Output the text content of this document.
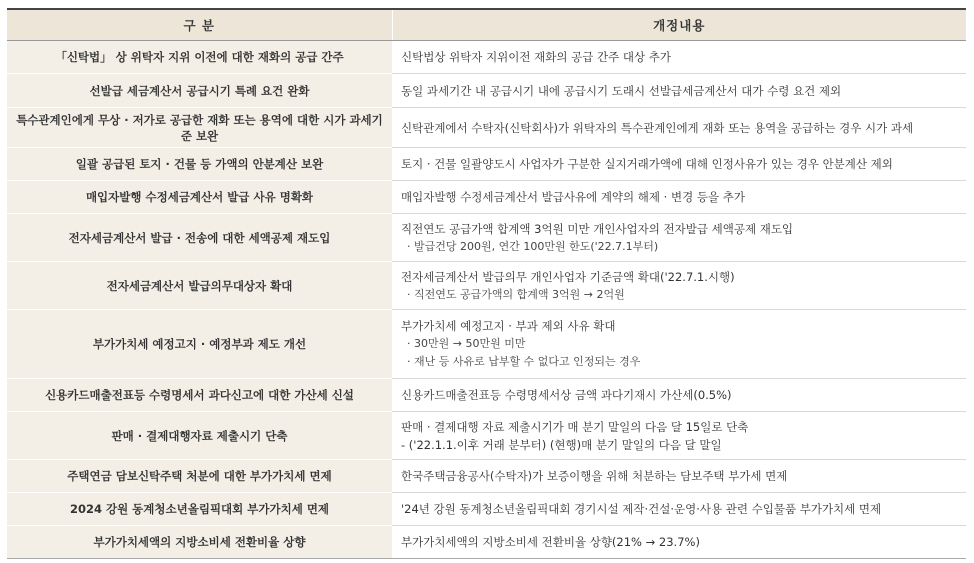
구 분	개정내용
「신탁법」 상 위탁자 지위 이전에 대한 재화의 공급 간주	신탁법상 위탁자 지위이전 재화의 공급 간주 대상 추가

선발급 세금계산서 공급시기 특례 요건 완화	동일 과세기간 내 공급시기 내에 공급시기 도래시 선발급세금계산서 대가 수령 요건 제외

특수관계인에게 무상 · 저가로 공급한 재화 또는 용역에 대한 시가 과세기준 보완	신탁관계에서 수탁자(신탁회사)가 위탁자의 특수관계인에게 재화 또는 용역을 공급하는 경우 시가 과세

일괄 공급된 토지 · 건물 등 가액의 안분계산 보완	토지 · 건물 일괄양도시 사업자가 구분한 실지거래가액에 대해 인정사유가 있는 경우 안분계산 제외

매입자발행 수정세금계산서 발급 사유 명확화	매입자발행 수정세금계산서 발급사유에 계약의 해제 · 변경 등을 추가

전자세금계산서 발급 · 전송에 대한 세액공제 재도입	직전연도 공급가액 합계액 3억원 미만 개인사업자의 전자발급 세액공제 재도입
· 발급건당 200원, 연간 100만원 한도('22.7.1부터)

전자세금계산서 발급의무대상자 확대	전자세금계산서 발급의무 개인사업자 기준금액 확대('22.7.1.시행)
· 직전연도 공급가액의 합계액 3억원 → 2억원

부가가치세 예정고지 · 예정부과 제도 개선	부가가치세 예정고지 · 부과 제외 사유 확대
· 30만원 → 50만원 미만
· 재난 등 사유로 납부할 수 없다고 인정되는 경우

신용카드매출전표등 수령명세서 과다신고에 대한 가산세 신설	신용카드매출전표등 수령명세서상 금액 과다기재시 가산세(0.5%)

판매 · 결제대행자료 제출시기 단축	판매 · 결제대행 자료 제출시기가 매 분기 말일의 다음 달 15일로 단축
- ('22.1.1.이후 거래 분부터) (현행)매 분기 말일의 다음 달 말일

주택연금 담보신탁주택 처분에 대한 부가가치세 면제	한국주택금융공사(수탁자)가 보증이행을 위해 처분하는 담보주택 부가세 면제

2024 강원 동계청소년올림픽대회 부가가치세 면제	'24년 강원 동계청소년올림픽대회 경기시설 제작·건설·운영·사용 관련 수입물품 부가가치세 면제

부가가치세액의 지방소비세 전환비율 상향	부가가치세액의 지방소비세 전환비율 상향(21% → 23.7%)
